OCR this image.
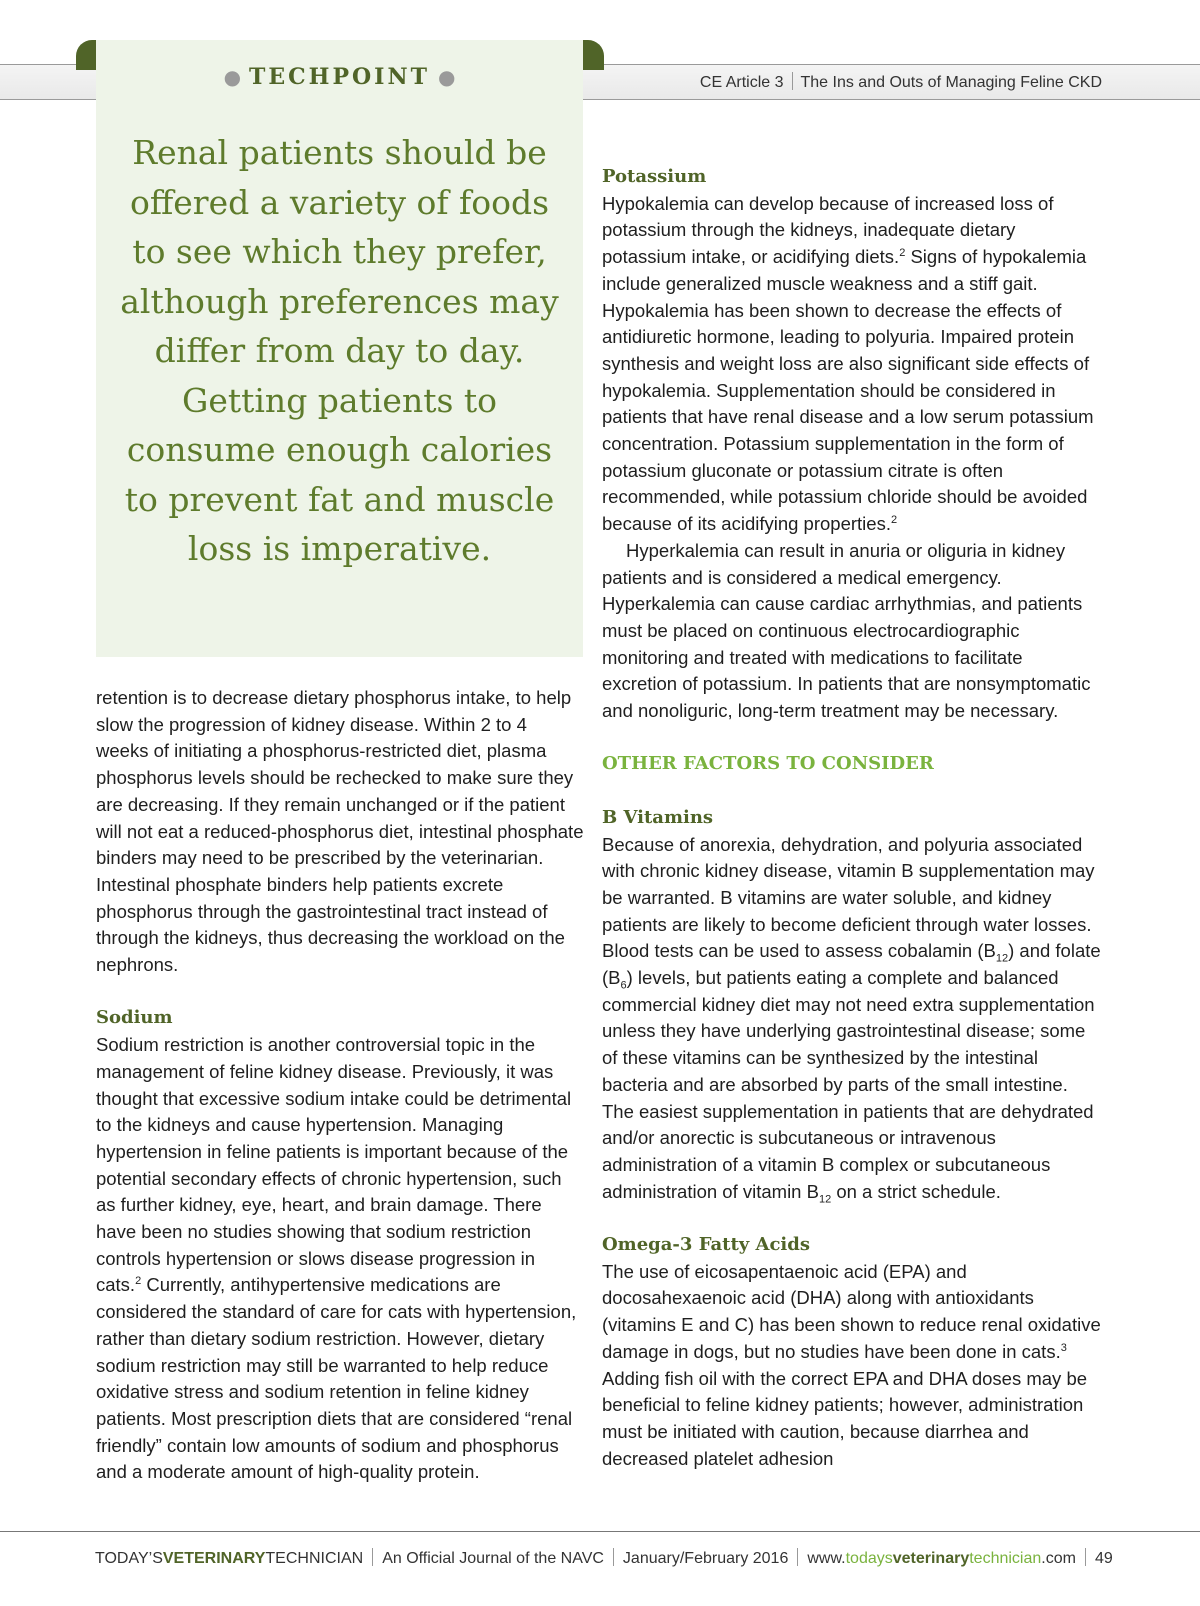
CE Article 3 The Ins and Outs of Managing Feline CKD
● TECHPOINT ●
Renal patients should be offered a variety of foods to see which they prefer, although preferences may differ from day to day. Getting patients to consume enough calories to prevent fat and muscle loss is imperative.

retention is to decrease dietary phosphorus intake, to help slow the progression of kidney disease. Within 2 to 4 weeks of initiating a phosphorus-restricted diet, plasma phosphorus levels should be rechecked to make sure they are decreasing. If they remain unchanged or if the patient will not eat a reduced-phosphorus diet, intestinal phosphate binders may need to be prescribed by the veterinarian. Intestinal phosphate binders help patients excrete phosphorus through the gastrointestinal tract instead of through the kidneys, thus decreasing the workload on the nephrons.

Sodium

Sodium restriction is another controversial topic in the management of feline kidney disease. Previously, it was thought that excessive sodium intake could be detrimental to the kidneys and cause hypertension. Managing hypertension in feline patients is important because of the potential secondary effects of chronic hypertension, such as further kidney, eye, heart, and brain damage. There have been no studies showing that sodium restriction controls hypertension or slows disease progression in cats.$^2$ Currently, antihypertensive medications are considered the standard of care for cats with hypertension, rather than dietary sodium restriction. However, dietary sodium restriction may still be warranted to help reduce oxidative stress and sodium retention in feline kidney patients. Most prescription diets that are considered “renal friendly” contain low amounts of sodium and phosphorus and a moderate amount of high-quality protein.

Potassium

Hypokalemia can develop because of increased loss of potassium through the kidneys, inadequate dietary potassium intake, or acidifying diets.$^2$ Signs of hypokalemia include generalized muscle weakness and a stiff gait. Hypokalemia has been shown to decrease the effects of antidiuretic hormone, leading to polyuria. Impaired protein synthesis and weight loss are also significant side effects of hypokalemia. Supplementation should be considered in patients that have renal disease and a low serum potassium concentration. Potassium supplementation in the form of potassium gluconate or potassium citrate is often recommended, while potassium chloride should be avoided because of its acidifying properties.$^2$

Hyperkalemia can result in anuria or oliguria in kidney patients and is considered a medical emergency. Hyperkalemia can cause cardiac arrhythmias, and patients must be placed on continuous electrocardiographic monitoring and treated with medications to facilitate excretion of potassium. In patients that are nonsymptomatic and nonoliguric, long-term treatment may be necessary.

OTHER FACTORS TO CONSIDER
B Vitamins

Because of anorexia, dehydration, and polyuria associated with chronic kidney disease, vitamin B supplementation may be warranted. B vitamins are water soluble, and kidney patients are likely to become deficient through water losses. Blood tests can be used to assess cobalamin $(B_{12})$ and folate $(B_6)$ levels, but patients eating a complete and balanced commercial kidney diet may not need extra supplementation unless they have underlying gastrointestinal disease; some of these vitamins can be synthesized by the intestinal bacteria and are absorbed by parts of the small intestine. The easiest supplementation in patients that are dehydrated and/or anorectic is subcutaneous or intravenous administration of a vitamin B complex or subcutaneous administration of vitamin $B_{12}$ on a strict schedule.

Omega-3 Fatty Acids

The use of eicosapentaenoic acid (EPA) and docosahexaenoic acid (DHA) along with antioxidants (vitamins E and C) has been shown to reduce renal oxidative damage in dogs, but no studies have been done in cats.$^3$ Adding fish oil with the correct EPA and DHA doses may be beneficial to feline kidney patients; however, administration must be initiated with caution, because diarrhea and decreased platelet adhesion

TODAY’SVETERINARYTECHNICIAN An Official Journal of the NAVC January/February 2016 www.todaysveterinarytechnician.com 49
